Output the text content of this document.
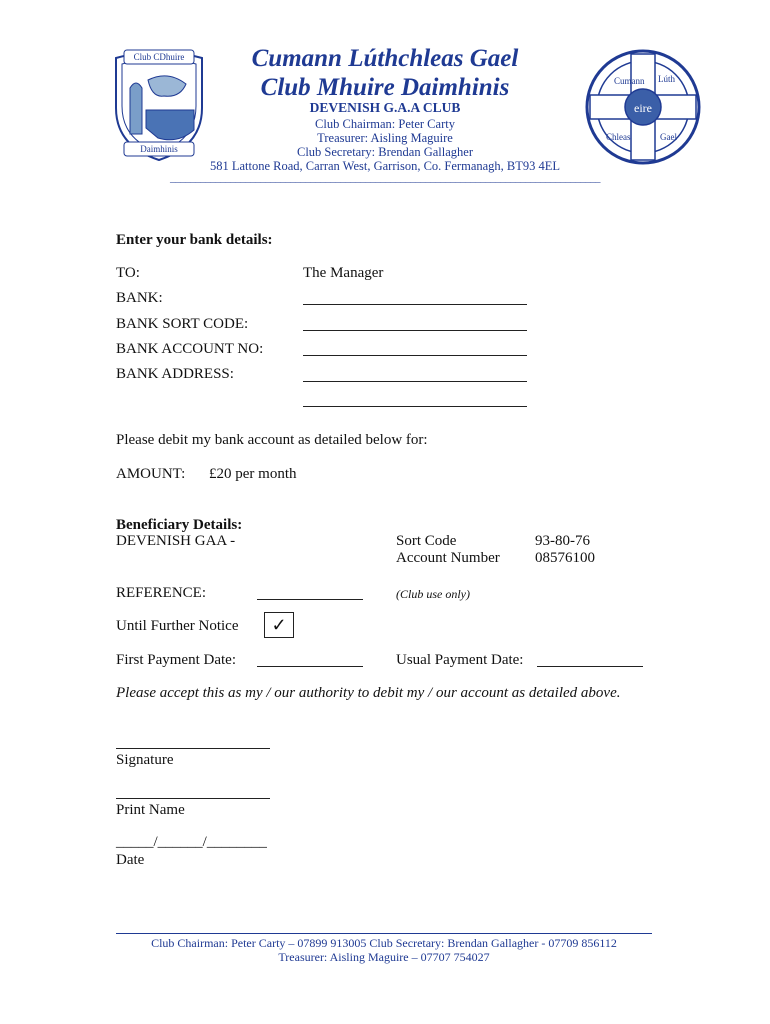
Club CDhuire
Daimhinis
eire
Cumann Lúth
Chleas	Gael
Cumann Lúthchleas Gael
Club Mhuire Daimhinis
DEVENISH G.A.A CLUB
Club Chairman: Peter Carty
Treasurer: Aisling Maguire
Club Secretary: Brendan Gallagher
581 Lattone Road, Carran West, Garrison, Co. Fermanagh, BT93 4EL
______________________________________________________________________________________
Enter your bank details:
TO:	The Manager
BANK:
BANK SORT CODE:
BANK ACCOUNT NO:
BANK ADDRESS:
Please debit my bank account as detailed below for:
AMOUNT: £20 per month
Beneficiary Details:
DEVENISH GAA -	Sort Code	93-80-76
Account Number 08576100
REFERENCE:	(Club use only)
Until Further Notice	✓
First Payment Date:	Usual Payment Date:
Please accept this as my / our authority to debit my / our account as detailed above.
Signature
Print Name
_____/______/________
Date
Club Chairman: Peter Carty – 07899 913005 Club Secretary: Brendan Gallagher - 07709 856112
Treasurer: Aisling Maguire – 07707 754027
